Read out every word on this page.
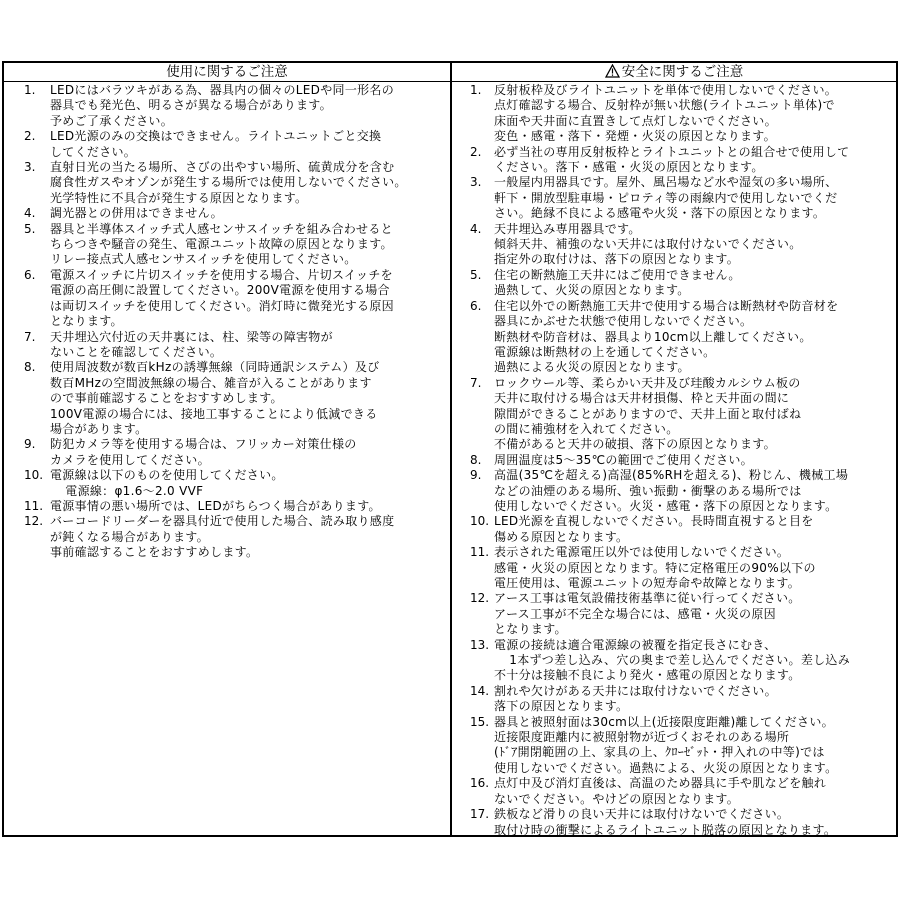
使用に関するご注意	安全に関するご注意
1.	LEDにはバラツキがある為、器具内の個々のLEDや同一形名の
器具でも発光色、明るさが異なる場合があります。
予めご了承ください。
2.	LED光源のみの交換はできません。ライトユニットごと交換
してください。
3.	直射日光の当たる場所、さびの出やすい場所、硫黄成分を含む
腐食性ガスやオゾンが発生する場所では使用しないでください。
光学特性に不具合が発生する原因となります。
4.	調光器との併用はできません。
5.	器具と半導体スイッチ式人感センサスイッチを組み合わせると
ちらつきや騒音の発生、電源ユニット故障の原因となります。
リレー接点式人感センサスイッチを使用してください。
6.	電源スイッチに片切スイッチを使用する場合、片切スイッチを
電源の高圧側に設置してください。200V電源を使用する場合
は両切スイッチを使用してください。消灯時に微発光する原因
となります。
7.	天井埋込穴付近の天井裏には、柱、梁等の障害物が
ないことを確認してください。
8.	使用周波数が数百kHzの誘導無線（同時通訳システム）及び
数百MHzの空間波無線の場合、雑音が入ることがあります
ので事前確認することをおすすめします。
100V電源の場合には、接地工事することにより低減できる
場合があります。
9.	防犯カメラ等を使用する場合は、フリッカー対策仕様の
カメラを使用してください。
10. 電源線は以下のものを使用してください。
電源線：φ1.6～2.0 VVF
11. 電源事情の悪い場所では、LEDがちらつく場合があります。
12. バーコードリーダーを器具付近で使用した場合、読み取り感度
が鈍くなる場合があります。
事前確認することをおすすめします。
1.	反射板枠及びライトユニットを単体で使用しないでください。
点灯確認する場合、反射枠が無い状態(ライトユニット単体)で
床面や天井面に直置きして点灯しないでください。
変色・感電・落下・発煙・火災の原因となります。
2.	必ず当社の専用反射板枠とライトユニットとの組合せで使用して
ください。落下・感電・火災の原因となります。
3.	一般屋内用器具です。屋外、風呂場など水や湿気の多い場所、
軒下・開放型駐車場・ピロティ等の雨線内で使用しないでくだ
さい。絶縁不良による感電や火災・落下の原因となります。
4.	天井埋込み専用器具です。
傾斜天井、補強のない天井には取付けないでください。
指定外の取付けは、落下の原因となります。
5.	住宅の断熱施工天井にはご使用できません。
過熱して、火災の原因となります。
6.	住宅以外での断熱施工天井で使用する場合は断熱材や防音材を
器具にかぶせた状態で使用しないでください。
断熱材や防音材は、器具より10cm以上離してください。
電源線は断熱材の上を通してください。
過熱による火災の原因となります。
7.	ロックウール等、柔らかい天井及び珪酸カルシウム板の
天井に取付ける場合は天井材損傷、枠と天井面の間に
隙間ができることがありますので、天井上面と取付ばね
の間に補強材を入れてください。
不備があると天井の破損、落下の原因となります。
8.	周囲温度は5～35℃の範囲でご使用ください。
9.	高温(35℃を超える)高湿(85%RHを超える)、粉じん、機械工場
などの油煙のある場所、強い振動・衝撃のある場所では
使用しないでください。火災・感電・落下の原因となります。
10. LED光源を直視しないでください。長時間直視すると目を
傷める原因となります。
11. 表示された電源電圧以外では使用しないでください。
感電・火災の原因となります。特に定格電圧の90%以下の
電圧使用は、電源ユニットの短寿命や故障となります。
12. アース工事は電気設備技術基準に従い行ってください。
アース工事が不完全な場合には、感電・火災の原因
となります。
13. 電源の接続は適合電源線の被覆を指定長さにむき、
1本ずつ差し込み、穴の奥まで差し込んでください。差し込み
不十分は接触不良により発火・感電の原因となります。
14. 割れや欠けがある天井には取付けないでください。
落下の原因となります。
15. 器具と被照射面は30cm以上(近接限度距離)離してください。
近接限度距離内に被照射物が近づくおそれのある場所
(ﾄﾞｱ開閉範囲の上、家具の上、ｸﾛｰｾﾞｯﾄ・押入れの中等)では
使用しないでください。過熱による、火災の原因となります。
16. 点灯中及び消灯直後は、高温のため器具に手や肌などを触れ
ないでください。やけどの原因となります。
17. 鉄板など滑りの良い天井には取付けないでください。
取付け時の衝撃によるライトユニット脱落の原因となります。
